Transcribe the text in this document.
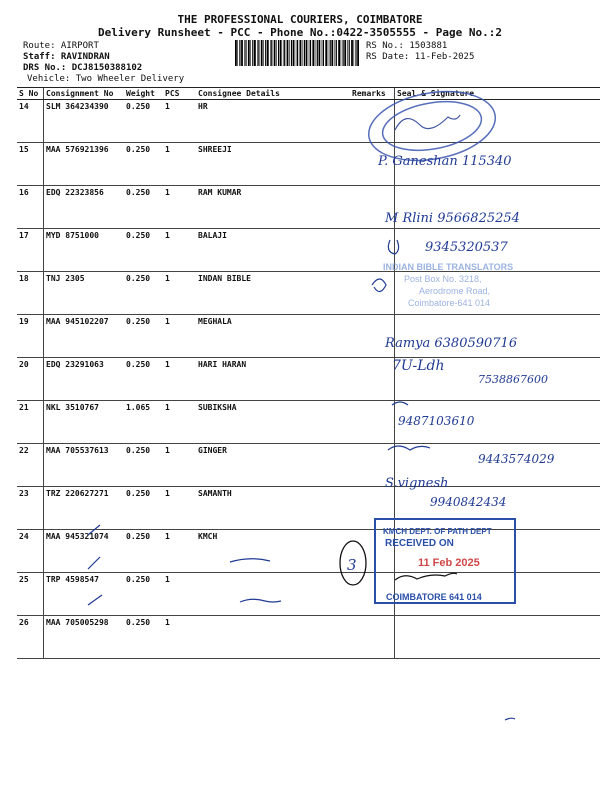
THE PROFESSIONAL COURIERS, COIMBATORE
Delivery Runsheet - PCC - Phone No.:0422-3505555 - Page No.:2
Route: AIRPORT
Staff: RAVINDRAN
DRS No.: DCJ8150388102
Vehicle: Two Wheeler Delivery
RS No.: 1503881
RS Date: 11-Feb-2025
S No	Consignment No	Weight	PCS	Consignee Details	Remarks	Seal & Signature
14	SLM 364234390	0.250	1	HR		
15	MAA 576921396	0.250	1	SHREEJI		
16	EDQ 22323856	0.250	1	RAM KUMAR		
17	MYD 8751000	0.250	1	BALAJI		
18	TNJ 2305	0.250	1	INDAN BIBLE		
19	MAA 945102207	0.250	1	MEGHALA		
20	EDQ 23291063	0.250	1	HARI HARAN		
21	NKL 3510767	1.065	1	SUBIKSHA		
22	MAA 705537613	0.250	1	GINGER		
23	TRZ 220627271	0.250	1	SAMANTH		
24	MAA 945321074	0.250	1	KMCH		
25	TRP 4598547	0.250	1			
26	MAA 705005298	0.250	1			
INDIAN BIBLE TRANSLATORS
Post Box No. 3218,
Aerodrome Road,
Coimbatore-641 014
KMCH DEPT. OF PATH DEPT
RECEIVED ON
11 Feb 2025
COIMBATORE 641 014
P. Ganeshan 115340
M Rlini 9566825254
9345320537
Ramya 6380590716
7U-Ldh
7538867600
9487103610
9443574029
S.vignesh
9940842434
3
